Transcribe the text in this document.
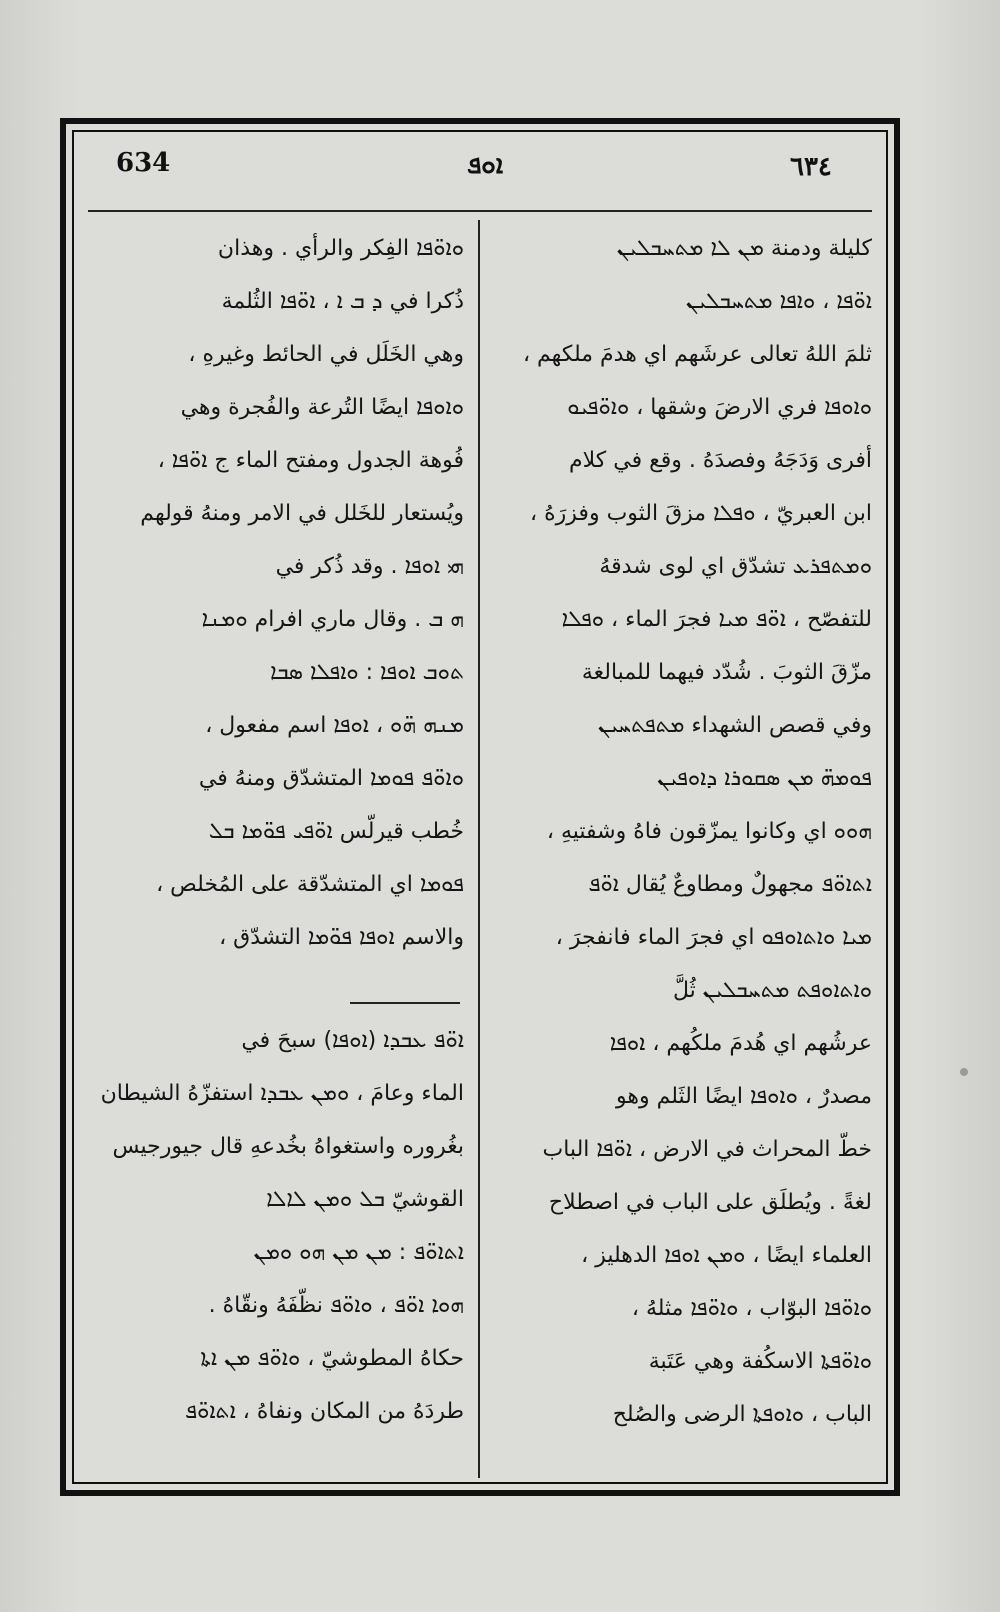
634	ܐܘܦ	٦٣٤
كليلة ودمنة ܡܢ ܠܐ ܡܬܚܒܠܝܢ
ܐܘ̈ܦܐ ، ܘܐܦܐ ܡܬܚܒܠܝܢ
ثلمَ اللهُ تعالى عرشَهم اي هدمَ ملكهم ،
ܘܐܘܦܐ فري الارضَ وشقها ، ܘܐܘ̈ܦܝܘ
أفرى وَدَجَهُ وفصدَهُ . وقع في كلام
ابن العبريّ ، ܘܦܠܐ مزقَ الثوب وفزرَهُ ،
ܘܡܬܦܪܥ تشدّق اي لوى شدقهُ
للتفصّح ، ܐܘ̈ܦ ܡܝܐ فجرَ الماء ، ܘܦܠܐ
مزّقَ الثوبَ . شُدّد فيهما للمبالغة
وفي قصص الشهداء ܡܬܦܬܚܝܢ
ܦܘܡܗ̈ ܡܢ ܣܩܘܪܐ ܕܐܘܦܝܢ
ܗܘܘ اي وكانوا يمزّقون فاهُ وشفتيهِ ،
ܐܬܐܘ̈ܦ مجهولٌ ومطاوعٌ يُقال ܐܘ̈ܦ
ܡܝܐ ܘܐܬܐܘܦܘ اي فجرَ الماء فانفجرَ ،
ܘܐܬܐܘܦܬ ܡܬܚܒܠܝܢ ثُلَّ
عرشُهم اي هُدمَ ملكُهم ، ܐܘܦܐ
مصدرٌ ، ܘܐܘܦܐ ايضًا الثَلم وهو
خطّ المحراث في الارض ، ܐܘ̈ܦܐ الباب
لغةً . ويُطلَق على الباب في اصطلاح
العلماء ايضًا ، ܘܡܢ ܐܘܦܐ الدهليز ،
ܘܐܘ̈ܦܐ البوّاب ، ܘܐܘ̈ܦܐ مثلهُ ،
ܘܐܘ̈ܦܬܐ الاسكُفة وهي عَتَبة
الباب ، ܘܐܘܦܬܐ الرضى والصُلح
ܘܐܘ̈ܦܐ الفِكر والرأي . وهذان
ذُكرا في ܕ ܒ ܐ ، ܐܘ̈ܦܐ الثُلمة
وهي الخَلَل في الحائط وغيرهِ ،
ܘܐܘܦܐ ايضًا التُرعة والفُجرة وهي
فُوهة الجدول ومفتح الماء ج ܐܘ̈ܦܐ ،
ويُستعار للخَلل في الامر ومنهُ قولهم
ܗܝ ܐܘܦܐ . وقد ذُكر في
ܗ ܒ . وقال ماري افرام ܘܡܢܐ
ܬܘܒ ܐܘܦܐ : ܘܐܦܠܐ ܣܒܐ
ܡܢܗ ܗ̈ܘ ، ܐܘܦܐ اسم مفعول ،
ܘܐܘ̈ܦ ܦܘܡܐ المتشدّق ومنهُ في
خُطب قيرلّس ܐܘ̈ܦܝ ܦܘ̈ܡܐ ܒܠ
ܦܘܡܐ اي المتشدّقة على المُخلص ،
والاسم ܐܘܦܐ ܦܘ̈ܡܐ التشدّق ،
ܐܘ̈ܦ ܥܒܕܐ (ܐܘܦܐ) سبحَ في
الماء وعامَ ، ܘܡܢ ܥܒܕܐ استفزّهُ الشيطان
بغُروره واستغواهُ بخُدعهِ قال جيورجيس
القوشيّ ܒܠ ܘܡܢ ܠܐܠܐ
ܐܬܐܘ̈ܦ : ܡܢ ܡܢ ܗܘ ܘܡܢ
ܗܘܐ ܐܘ̈ܦ ، ܘܐܘ̈ܦ نظّفَهُ ونقّاهُ .
حكاهُ المطوشيّ ، ܘܐܘ̈ܦ ܡܢ ܐܬܐ
طردَهُ من المكان ونفاهُ ، ܐܬܐܘ̈ܦ
